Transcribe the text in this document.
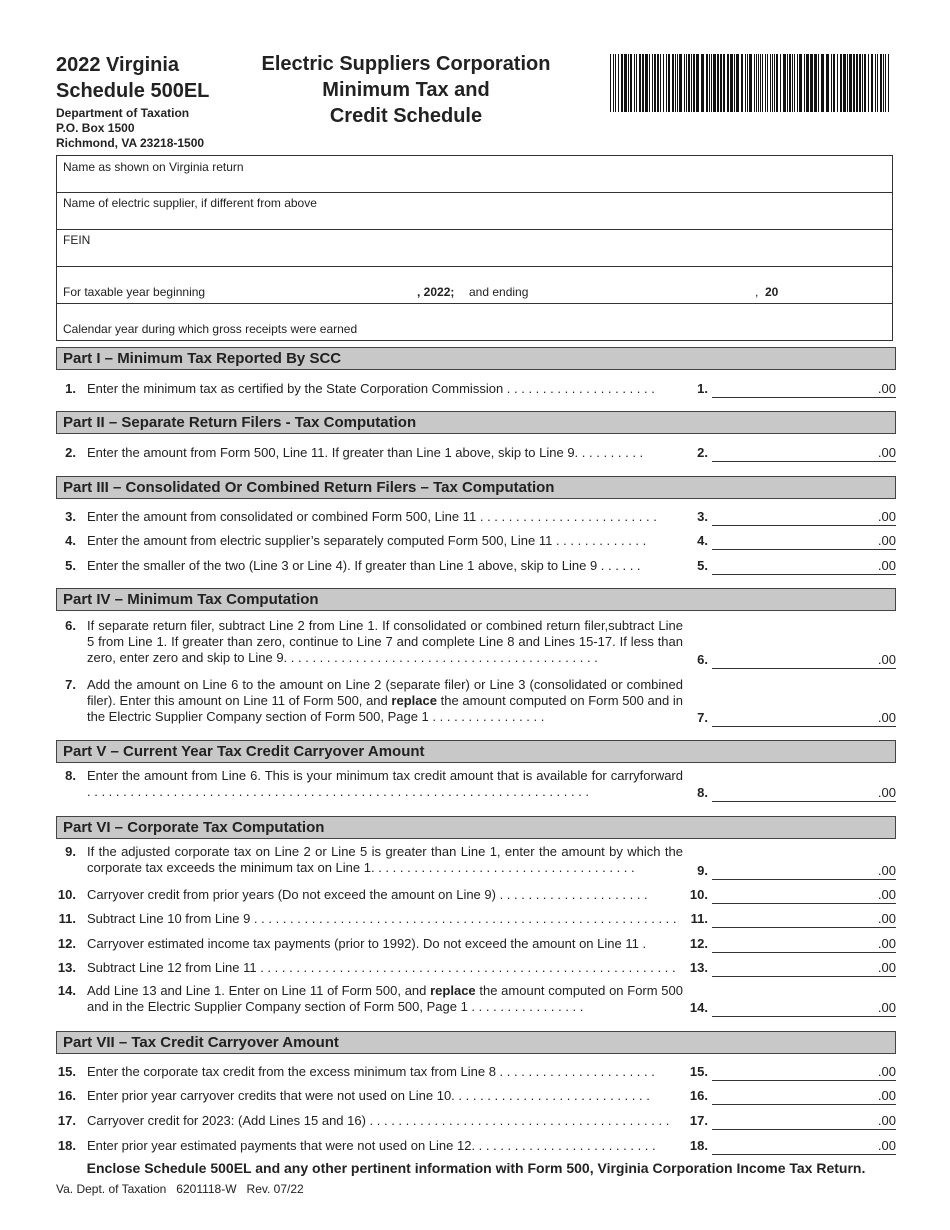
2022 Virginia
Schedule 500EL
Department of Taxation
P.O. Box 1500
Richmond, VA 23218-1500
Electric Suppliers Corporation
Minimum Tax and
Credit Schedule
Name as shown on Virginia return
Name of electric supplier, if different from above
FEIN
For taxable year beginning	, 2022; and ending	, 20
Calendar year during which gross receipts were earned
Part I – Minimum Tax Reported By SCC
1. Enter the minimum tax as certified by the State Corporation Commission . . . . . . . . . . . . . . . . . . . . .	1.	.00
Part II – Separate Return Filers - Tax Computation
2. Enter the amount from Form 500, Line 11. If greater than Line 1 above, skip to Line 9. . . . . . . . . .	2.	.00
Part III – Consolidated Or Combined Return Filers – Tax Computation
3. Enter the amount from consolidated or combined Form 500, Line 11 . . . . . . . . . . . . . . . . . . . . . . . . .	3.	.00
4. Enter the amount from electric supplier’s separately computed Form 500, Line 11 . . . . . . . . . . . . .	4.	.00
5. Enter the smaller of the two (Line 3 or Line 4). If greater than Line 1 above, skip to Line 9 . . . . . .	5.	.00
Part IV – Minimum Tax Computation
6. If separate return filer, subtract Line 2 from Line 1. If consolidated or combined return filer,subtract Line 5 from Line 1. If greater than zero, continue to Line 7 and complete Line 8 and Lines 15-17. If less than zero, enter zero and skip to Line 9. . . . . . . . . . . . . . . . . . . . . . . . . . . . . . . . . . . . . . . . . . . .	6.	.00
7. Add the amount on Line 6 to the amount on Line 2 (separate filer) or Line 3 (consolidated or combined filer). Enter this amount on Line 11 of Form 500, and replace the amount computed on Form 500 and in the Electric Supplier Company section of Form 500, Page 1 . . . . . . . . . . . . . . . .	7.	.00
Part V – Current Year Tax Credit Carryover Amount
8. Enter the amount from Line 6. This is your minimum tax credit amount that is available for carryforward . . . . . . . . . . . . . . . . . . . . . . . . . . . . . . . . . . . . . . . . . . . . . . . . . . . . . . . . . . . . . . . . . . . . . .	8.	.00
Part VI – Corporate Tax Computation
9. If the adjusted corporate tax on Line 2 or Line 5 is greater than Line 1, enter the amount by which the corporate tax exceeds the minimum tax on Line 1. . . . . . . . . . . . . . . . . . . . . . . . . . . . . . . . . . . . .	9.	.00
10. Carryover credit from prior years (Do not exceed the amount on Line 9) . . . . . . . . . . . . . . . . . . . . .	10.	.00
11. Subtract Line 10 from Line 9 . . . . . . . . . . . . . . . . . . . . . . . . . . . . . . . . . . . . . . . . . . . . . . . . . . . . . . . . . . .	11.	.00
12. Carryover estimated income tax payments (prior to 1992). Do not exceed the amount on Line 11 .	12.	.00
13. Subtract Line 12 from Line 11 . . . . . . . . . . . . . . . . . . . . . . . . . . . . . . . . . . . . . . . . . . . . . . . . . . . . . . . . . .	13.	.00
14. Add Line 13 and Line 1. Enter on Line 11 of Form 500, and replace the amount computed on Form 500 and in the Electric Supplier Company section of Form 500, Page 1 . . . . . . . . . . . . . . . .	14.	.00
Part VII – Tax Credit Carryover Amount
15. Enter the corporate tax credit from the excess minimum tax from Line 8 . . . . . . . . . . . . . . . . . . . . . .	15.	.00
16. Enter prior year carryover credits that were not used on Line 10. . . . . . . . . . . . . . . . . . . . . . . . . . . .	16.	.00
17. Carryover credit for 2023: (Add Lines 15 and 16) . . . . . . . . . . . . . . . . . . . . . . . . . . . . . . . . . . . . . . . . . .	17.	.00
18. Enter prior year estimated payments that were not used on Line 12. . . . . . . . . . . . . . . . . . . . . . . . . .	18.	.00
Enclose Schedule 500EL and any other pertinent information with Form 500, Virginia Corporation Income Tax Return.
Va. Dept. of Taxation   6201118-W   Rev. 07/22
